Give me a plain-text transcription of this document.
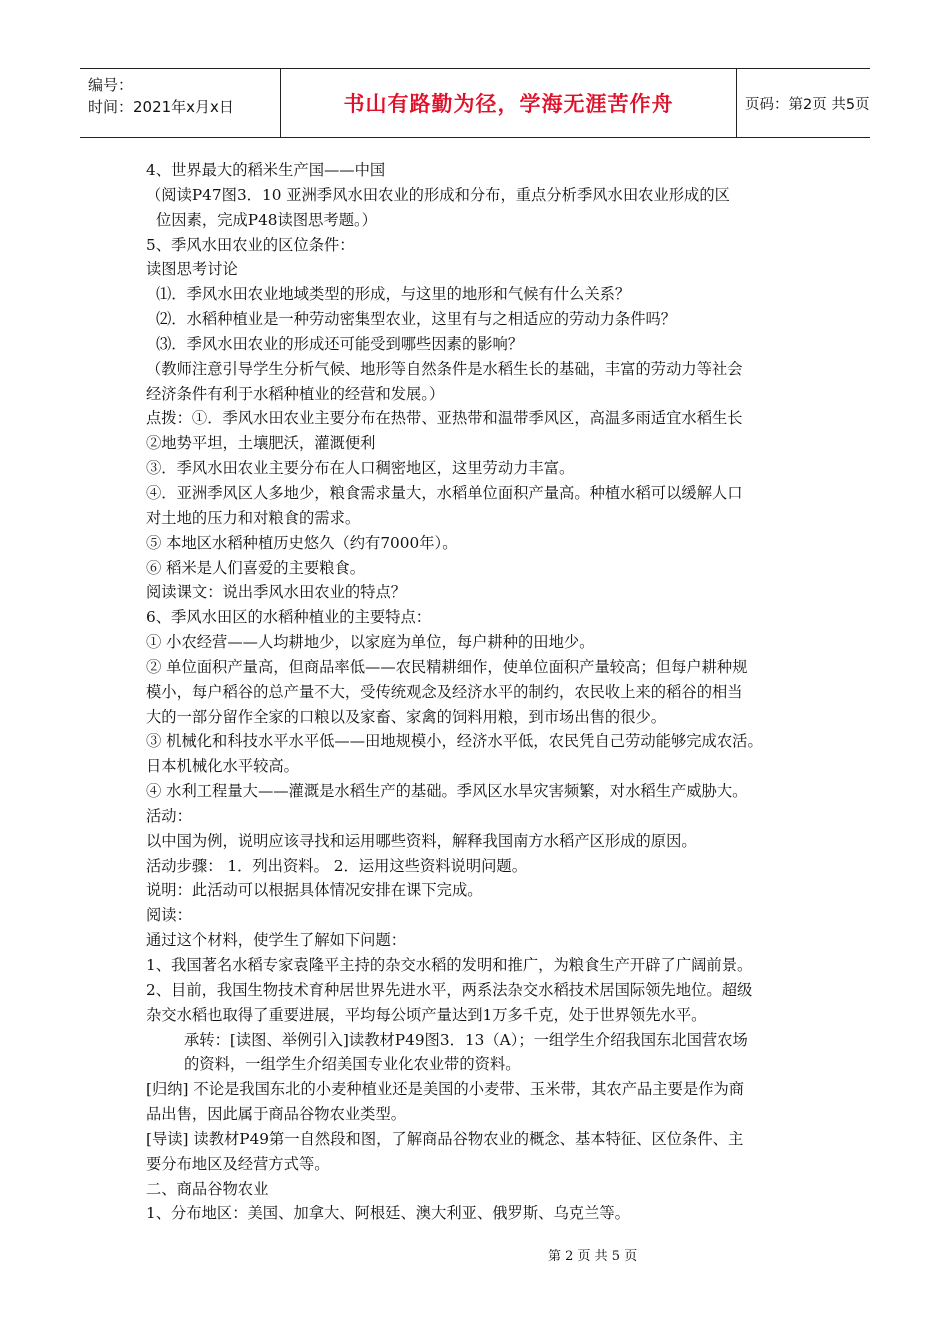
编号：
时间：2021年x月x日	书山有路勤为径，学海无涯苦作舟	页码：第2页 共5页

4、世界最大的稻米生产国——中国

（阅读P47图3．10 亚洲季风水田农业的形成和分布，重点分析季风水田农业形成的区

位因素，完成P48读图思考题。）

5、季风水田农业的区位条件：

读图思考讨论

⑴．季风水田农业地域类型的形成，与这里的地形和气候有什么关系？

⑵．水稻种植业是一种劳动密集型农业，这里有与之相适应的劳动力条件吗？

⑶．季风水田农业的形成还可能受到哪些因素的影响？

（教师注意引导学生分析气候、地形等自然条件是水稻生长的基础，丰富的劳动力等社会

经济条件有利于水稻种植业的经营和发展。）

点拨：①．季风水田农业主要分布在热带、亚热带和温带季风区，高温多雨适宜水稻生长

②地势平坦，土壤肥沃，灌溉便利

③．季风水田农业主要分布在人口稠密地区，这里劳动力丰富。

④．亚洲季风区人多地少，粮食需求量大，水稻单位面积产量高。种植水稻可以缓解人口

对土地的压力和对粮食的需求。

⑤ 本地区水稻种植历史悠久（约有7000年）。

⑥ 稻米是人们喜爱的主要粮食。

阅读课文：说出季风水田农业的特点？

6、季风水田区的水稻种植业的主要特点：

① 小农经营——人均耕地少，以家庭为单位，每户耕种的田地少。

② 单位面积产量高，但商品率低——农民精耕细作，使单位面积产量较高；但每户耕种规

模小，每户稻谷的总产量不大，受传统观念及经济水平的制约，农民收上来的稻谷的相当

大的一部分留作全家的口粮以及家畜、家禽的饲料用粮，到市场出售的很少。

③ 机械化和科技水平水平低——田地规模小，经济水平低，农民凭自己劳动能够完成农活。

日本机械化水平较高。

④ 水利工程量大——灌溉是水稻生产的基础。季风区水旱灾害频繁，对水稻生产威胁大。

活动：

以中国为例，说明应该寻找和运用哪些资料，解释我国南方水稻产区形成的原因。

活动步骤： 1．列出资料。 2．运用这些资料说明问题。

说明：此活动可以根据具体情况安排在课下完成。

阅读：

通过这个材料，使学生了解如下问题：

1、我国著名水稻专家袁隆平主持的杂交水稻的发明和推广，为粮食生产开辟了广阔前景。

2、目前，我国生物技术育种居世界先进水平，两系法杂交水稻技术居国际领先地位。超级

杂交水稻也取得了重要进展，平均每公顷产量达到1万多千克，处于世界领先水平。

承转：[读图、举例引入]读教材P49图3．13（A）；一组学生介绍我国东北国营农场

的资料，一组学生介绍美国专业化农业带的资料。

[归纳] 不论是我国东北的小麦种植业还是美国的小麦带、玉米带，其农产品主要是作为商

品出售，因此属于商品谷物农业类型。

[导读] 读教材P49第一自然段和图，了解商品谷物农业的概念、基本特征、区位条件、主

要分布地区及经营方式等。

二、商品谷物农业

1、分布地区：美国、加拿大、阿根廷、澳大利亚、俄罗斯、乌克兰等。

第 2 页 共 5 页
